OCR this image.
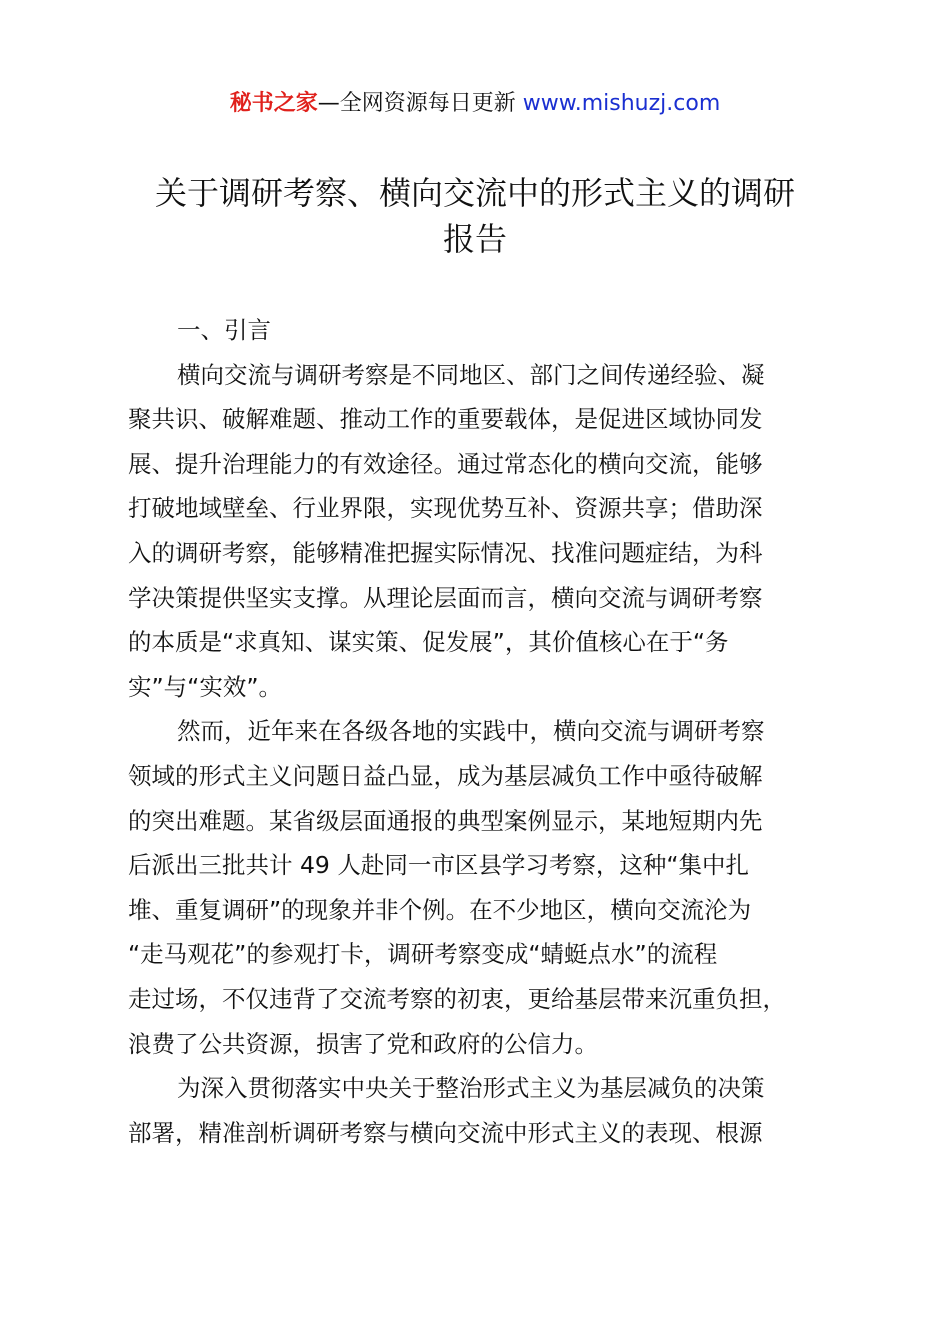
秘书之家—全网资源每日更新 www.mishuzj.com
关于调研考察、横向交流中的形式主义的调研
报告
一、引言
横向交流与调研考察是不同地区、部门之间传递经验、凝
聚共识、破解难题、推动工作的重要载体，是促进区域协同发
展、提升治理能力的有效途径。通过常态化的横向交流，能够
打破地域壁垒、行业界限，实现优势互补、资源共享；借助深
入的调研考察，能够精准把握实际情况、找准问题症结，为科
学决策提供坚实支撑。从理论层面而言，横向交流与调研考察
的本质是“求真知、谋实策、促发展”，其价值核心在于“务
实”与“实效”。
然而，近年来在各级各地的实践中，横向交流与调研考察
领域的形式主义问题日益凸显，成为基层减负工作中亟待破解
的突出难题。某省级层面通报的典型案例显示，某地短期内先
后派出三批共计 49 人赴同一市区县学习考察，这种“集中扎
堆、重复调研”的现象并非个例。在不少地区，横向交流沦为
“走马观花”的参观打卡，调研考察变成“蜻蜓点水”的流程
走过场，不仅违背了交流考察的初衷，更给基层带来沉重负担，
浪费了公共资源，损害了党和政府的公信力。
为深入贯彻落实中央关于整治形式主义为基层减负的决策
部署，精准剖析调研考察与横向交流中形式主义的表现、根源
